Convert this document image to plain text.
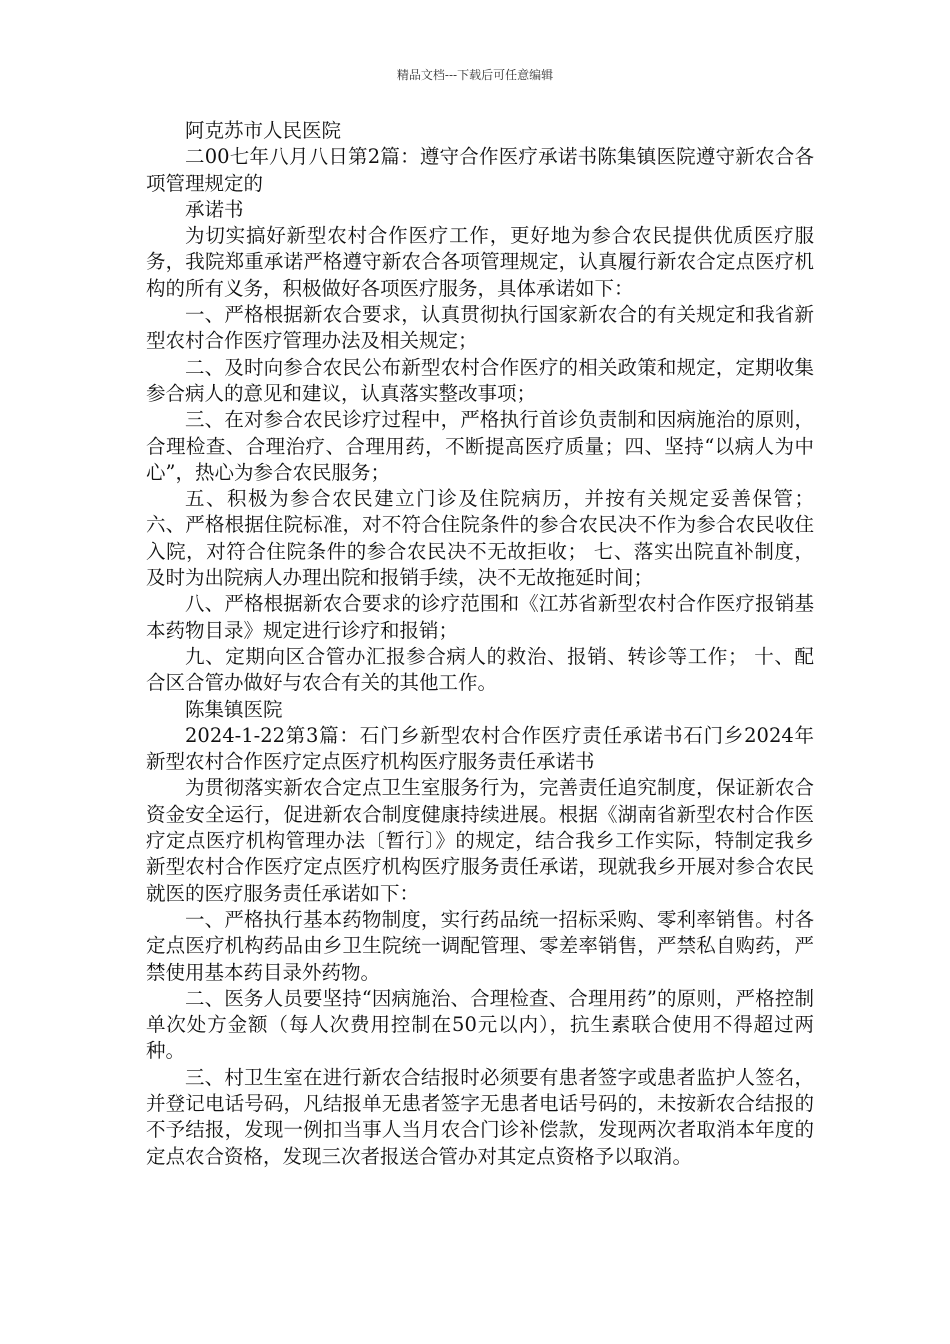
精品文档---下载后可任意编辑

阿克苏市人民医院

二00七年八月八日第2篇：遵守合作医疗承诺书陈集镇医院遵守新农合各项管理规定的

承诺书

为切实搞好新型农村合作医疗工作，更好地为参合农民提供优质医疗服务，我院郑重承诺严格遵守新农合各项管理规定，认真履行新农合定点医疗机构的所有义务，积极做好各项医疗服务，具体承诺如下：

一、严格根据新农合要求，认真贯彻执行国家新农合的有关规定和我省新型农村合作医疗管理办法及相关规定；

二、及时向参合农民公布新型农村合作医疗的相关政策和规定，定期收集参合病人的意见和建议，认真落实整改事项；

三、在对参合农民诊疗过程中，严格执行首诊负责制和因病施治的原则，合理检查、合理治疗、合理用药，不断提高医疗质量；四、坚持“以病人为中心”，热心为参合农民服务；

五、积极为参合农民建立门诊及住院病历，并按有关规定妥善保管； 六、严格根据住院标准，对不符合住院条件的参合农民决不作为参合农民收住入院，对符合住院条件的参合农民决不无故拒收； 七、落实出院直补制度，及时为出院病人办理出院和报销手续，决不无故拖延时间；

八、严格根据新农合要求的诊疗范围和《江苏省新型农村合作医疗报销基本药物目录》规定进行诊疗和报销；

九、定期向区合管办汇报参合病人的救治、报销、转诊等工作； 十、配合区合管办做好与农合有关的其他工作。

陈集镇医院

2024-1-22第3篇：石门乡新型农村合作医疗责任承诺书石门乡2024年新型农村合作医疗定点医疗机构医疗服务责任承诺书

为贯彻落实新农合定点卫生室服务行为，完善责任追究制度，保证新农合资金安全运行，促进新农合制度健康持续进展。根据《湖南省新型农村合作医疗定点医疗机构管理办法〔暂行〕》的规定，结合我乡工作实际，特制定我乡新型农村合作医疗定点医疗机构医疗服务责任承诺，现就我乡开展对参合农民就医的医疗服务责任承诺如下：

一、严格执行基本药物制度，实行药品统一招标采购、零利率销售。村各定点医疗机构药品由乡卫生院统一调配管理、零差率销售，严禁私自购药，严禁使用基本药目录外药物。

二、医务人员要坚持“因病施治、合理检查、合理用药”的原则，严格控制单次处方金额（每人次费用控制在50元以内），抗生素联合使用不得超过两种。

三、村卫生室在进行新农合结报时必须要有患者签字或患者监护人签名，并登记电话号码，凡结报单无患者签字无患者电话号码的，未按新农合结报的不予结报，发现一例扣当事人当月农合门诊补偿款，发现两次者取消本年度的定点农合资格，发现三次者报送合管办对其定点资格予以取消。
